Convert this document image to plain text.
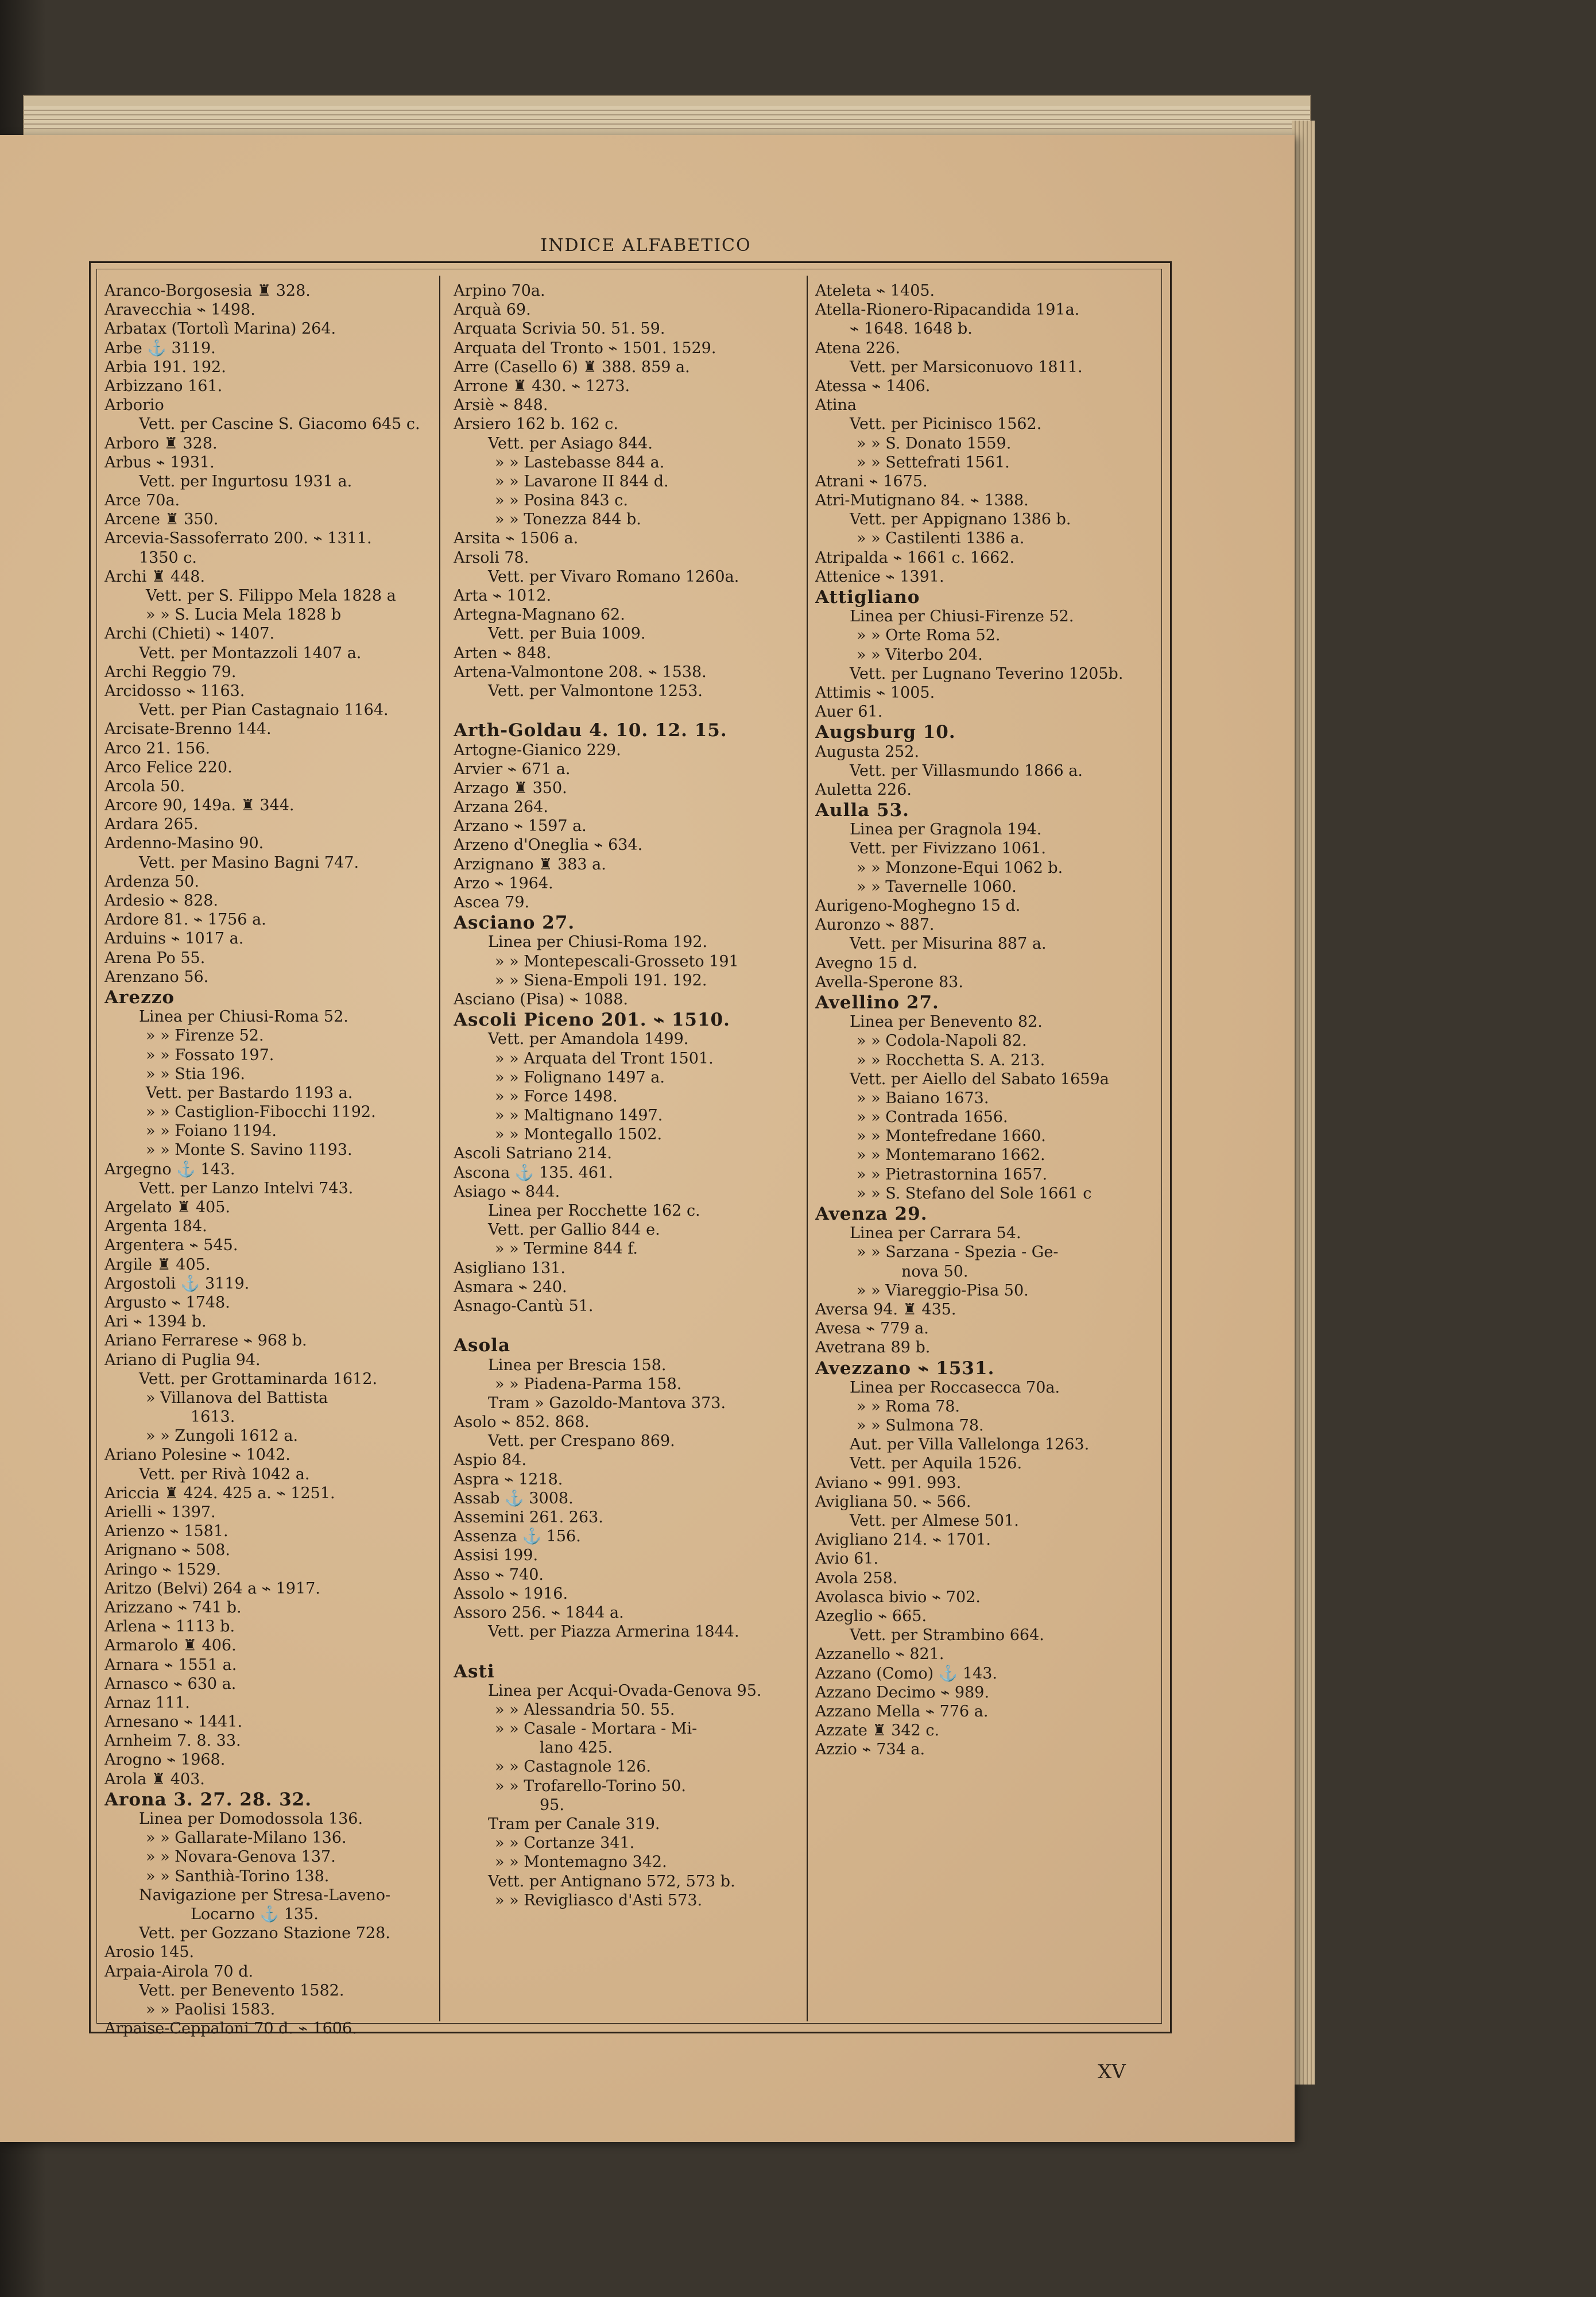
INDICE ALFABETICO
Aranco-Borgosesia ♜ 328.
Aravecchia ⌁ 1498.
Arbatax (Tortolì Marina) 264.
Arbe ⚓ 3119.
Arbia 191. 192.
Arbizzano 161.
Arborio
Vett. per Cascine S. Giacomo 645 c.
Arboro ♜ 328.
Arbus ⌁ 1931.
Vett. per Ingurtosu 1931 a.
Arce 70a.
Arcene ♜ 350.
Arcevia-Sassoferrato 200. ⌁ 1311.
1350 c.
Archi ♜ 448.
Vett. per S. Filippo Mela 1828 a
» » S. Lucia Mela 1828 b
Archi (Chieti) ⌁ 1407.
Vett. per Montazzoli 1407 a.
Archi Reggio 79.
Arcidosso ⌁ 1163.
Vett. per Pian Castagnaio 1164.
Arcisate-Brenno 144.
Arco 21. 156.
Arco Felice 220.
Arcola 50.
Arcore 90, 149a. ♜ 344.
Ardara 265.
Ardenno-Masino 90.
Vett. per Masino Bagni 747.
Ardenza 50.
Ardesio ⌁ 828.
Ardore 81. ⌁ 1756 a.
Arduins ⌁ 1017 a.
Arena Po 55.
Arenzano 56.
Arezzo
Linea per Chiusi-Roma 52.
» » Firenze 52.
» » Fossato 197.
» » Stia 196.
Vett. per Bastardo 1193 a.
» » Castiglion-Fibocchi 1192.
» » Foiano 1194.
» » Monte S. Savino 1193.
Argegno ⚓ 143.
Vett. per Lanzo Intelvi 743.
Argelato ♜ 405.
Argenta 184.
Argentera ⌁ 545.
Argile ♜ 405.
Argostoli ⚓ 3119.
Argusto ⌁ 1748.
Ari ⌁ 1394 b.
Ariano Ferrarese ⌁ 968 b.
Ariano di Puglia 94.
Vett. per Grottaminarda 1612.
» Villanova del Battista
1613.
» » Zungoli 1612 a.
Ariano Polesine ⌁ 1042.
Vett. per Rivà 1042 a.
Ariccia ♜ 424. 425 a. ⌁ 1251.
Arielli ⌁ 1397.
Arienzo ⌁ 1581.
Arignano ⌁ 508.
Aringo ⌁ 1529.
Aritzo (Belvi) 264 a ⌁ 1917.
Arizzano ⌁ 741 b.
Arlena ⌁ 1113 b.
Armarolo ♜ 406.
Arnara ⌁ 1551 a.
Arnasco ⌁ 630 a.
Arnaz 111.
Arnesano ⌁ 1441.
Arnheim 7. 8. 33.
Arogno ⌁ 1968.
Arola ♜ 403.
Arona 3. 27. 28. 32.
Linea per Domodossola 136.
» » Gallarate-Milano 136.
» » Novara-Genova 137.
» » Santhià-Torino 138.
Navigazione per Stresa-Laveno-
Locarno ⚓ 135.
Vett. per Gozzano Stazione 728.
Arosio 145.
Arpaia-Airola 70 d.
Vett. per Benevento 1582.
» » Paolisi 1583.
Arpaise-Ceppaloni 70 d. ⌁ 1606.
Arpino 70a.
Arquà 69.
Arquata Scrivia 50. 51. 59.
Arquata del Tronto ⌁ 1501. 1529.
Arre (Casello 6) ♜ 388. 859 a.
Arrone ♜ 430. ⌁ 1273.
Arsiè ⌁ 848.
Arsiero 162 b. 162 c.
Vett. per Asiago 844.
» » Lastebasse 844 a.
» » Lavarone II 844 d.
» » Posina 843 c.
» » Tonezza 844 b.
Arsita ⌁ 1506 a.
Arsoli 78.
Vett. per Vivaro Romano 1260a.
Arta ⌁ 1012.
Artegna-Magnano 62.
Vett. per Buia 1009.
Arten ⌁ 848.
Artena-Valmontone 208. ⌁ 1538.
Vett. per Valmontone 1253.
Arth-Goldau 4. 10. 12. 15.
Artogne-Gianico 229.
Arvier ⌁ 671 a.
Arzago ♜ 350.
Arzana 264.
Arzano ⌁ 1597 a.
Arzeno d'Oneglia ⌁ 634.
Arzignano ♜ 383 a.
Arzo ⌁ 1964.
Ascea 79.
Asciano 27.
Linea per Chiusi-Roma 192.
» » Montepescali-Grosseto 191
» » Siena-Empoli 191. 192.
Asciano (Pisa) ⌁ 1088.
Ascoli Piceno 201. ⌁ 1510.
Vett. per Amandola 1499.
» » Arquata del Tront 1501.
» » Folignano 1497 a.
» » Force 1498.
» » Maltignano 1497.
» » Montegallo 1502.
Ascoli Satriano 214.
Ascona ⚓ 135. 461.
Asiago ⌁ 844.
Linea per Rocchette 162 c.
Vett. per Gallio 844 e.
» » Termine 844 f.
Asigliano 131.
Asmara ⌁ 240.
Asnago-Cantù 51.
Asola
Linea per Brescia 158.
» » Piadena-Parma 158.
Tram » Gazoldo-Mantova 373.
Asolo ⌁ 852. 868.
Vett. per Crespano 869.
Aspio 84.
Aspra ⌁ 1218.
Assab ⚓ 3008.
Assemini 261. 263.
Assenza ⚓ 156.
Assisi 199.
Asso ⌁ 740.
Assolo ⌁ 1916.
Assoro 256. ⌁ 1844 a.
Vett. per Piazza Armerina 1844.
Asti
Linea per Acqui-Ovada-Genova 95.
» » Alessandria 50. 55.
» » Casale - Mortara - Mi-
lano 425.
» » Castagnole 126.
» » Trofarello-Torino 50.
95.
Tram per Canale 319.
» » Cortanze 341.
» » Montemagno 342.
Vett. per Antignano 572, 573 b.
» » Revigliasco d'Asti 573.
Ateleta ⌁ 1405.
Atella-Rionero-Ripacandida 191a.
⌁ 1648. 1648 b.
Atena 226.
Vett. per Marsiconuovo 1811.
Atessa ⌁ 1406.
Atina
Vett. per Picinisco 1562.
» » S. Donato 1559.
» » Settefrati 1561.
Atrani ⌁ 1675.
Atri-Mutignano 84. ⌁ 1388.
Vett. per Appignano 1386 b.
» » Castilenti 1386 a.
Atripalda ⌁ 1661 c. 1662.
Attenice ⌁ 1391.
Attigliano
Linea per Chiusi-Firenze 52.
» » Orte Roma 52.
» » Viterbo 204.
Vett. per Lugnano Teverino 1205b.
Attimis ⌁ 1005.
Auer 61.
Augsburg 10.
Augusta 252.
Vett. per Villasmundo 1866 a.
Auletta 226.
Aulla 53.
Linea per Gragnola 194.
Vett. per Fivizzano 1061.
» » Monzone-Equi 1062 b.
» » Tavernelle 1060.
Aurigeno-Moghegno 15 d.
Auronzo ⌁ 887.
Vett. per Misurina 887 a.
Avegno 15 d.
Avella-Sperone 83.
Avellino 27.
Linea per Benevento 82.
» » Codola-Napoli 82.
» » Rocchetta S. A. 213.
Vett. per Aiello del Sabato 1659a
» » Baiano 1673.
» » Contrada 1656.
» » Montefredane 1660.
» » Montemarano 1662.
» » Pietrastornina 1657.
» » S. Stefano del Sole 1661 c
Avenza 29.
Linea per Carrara 54.
» » Sarzana - Spezia - Ge-
nova 50.
» » Viareggio-Pisa 50.
Aversa 94. ♜ 435.
Avesa ⌁ 779 a.
Avetrana 89 b.
Avezzano ⌁ 1531.
Linea per Roccasecca 70a.
» » Roma 78.
» » Sulmona 78.
Aut. per Villa Vallelonga 1263.
Vett. per Aquila 1526.
Aviano ⌁ 991. 993.
Avigliana 50. ⌁ 566.
Vett. per Almese 501.
Avigliano 214. ⌁ 1701.
Avio 61.
Avola 258.
Avolasca bivio ⌁ 702.
Azeglio ⌁ 665.
Vett. per Strambino 664.
Azzanello ⌁ 821.
Azzano (Como) ⚓ 143.
Azzano Decimo ⌁ 989.
Azzano Mella ⌁ 776 a.
Azzate ♜ 342 c.
Azzio ⌁ 734 a.
XV
